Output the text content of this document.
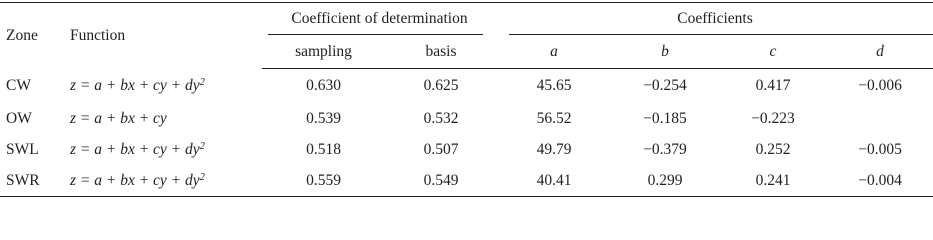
Zone	Function	Coefficient of determination		Coefficients			

		sampling	basis	a	b	c	d
CW	z = a + bx + cy + $dy^2$	0.630	0.625	45.65	−0.254	0.417	−0.006
OW	z = a + bx + cy	0.539	0.532	56.52	−0.185	−0.223	
SWL	z = a + bx + cy + $dy^2$	0.518	0.507	49.79	−0.379	0.252	−0.005
SWR	z = a + bx + cy + $dy^2$	0.559	0.549	40.41	0.299	0.241	−0.004
